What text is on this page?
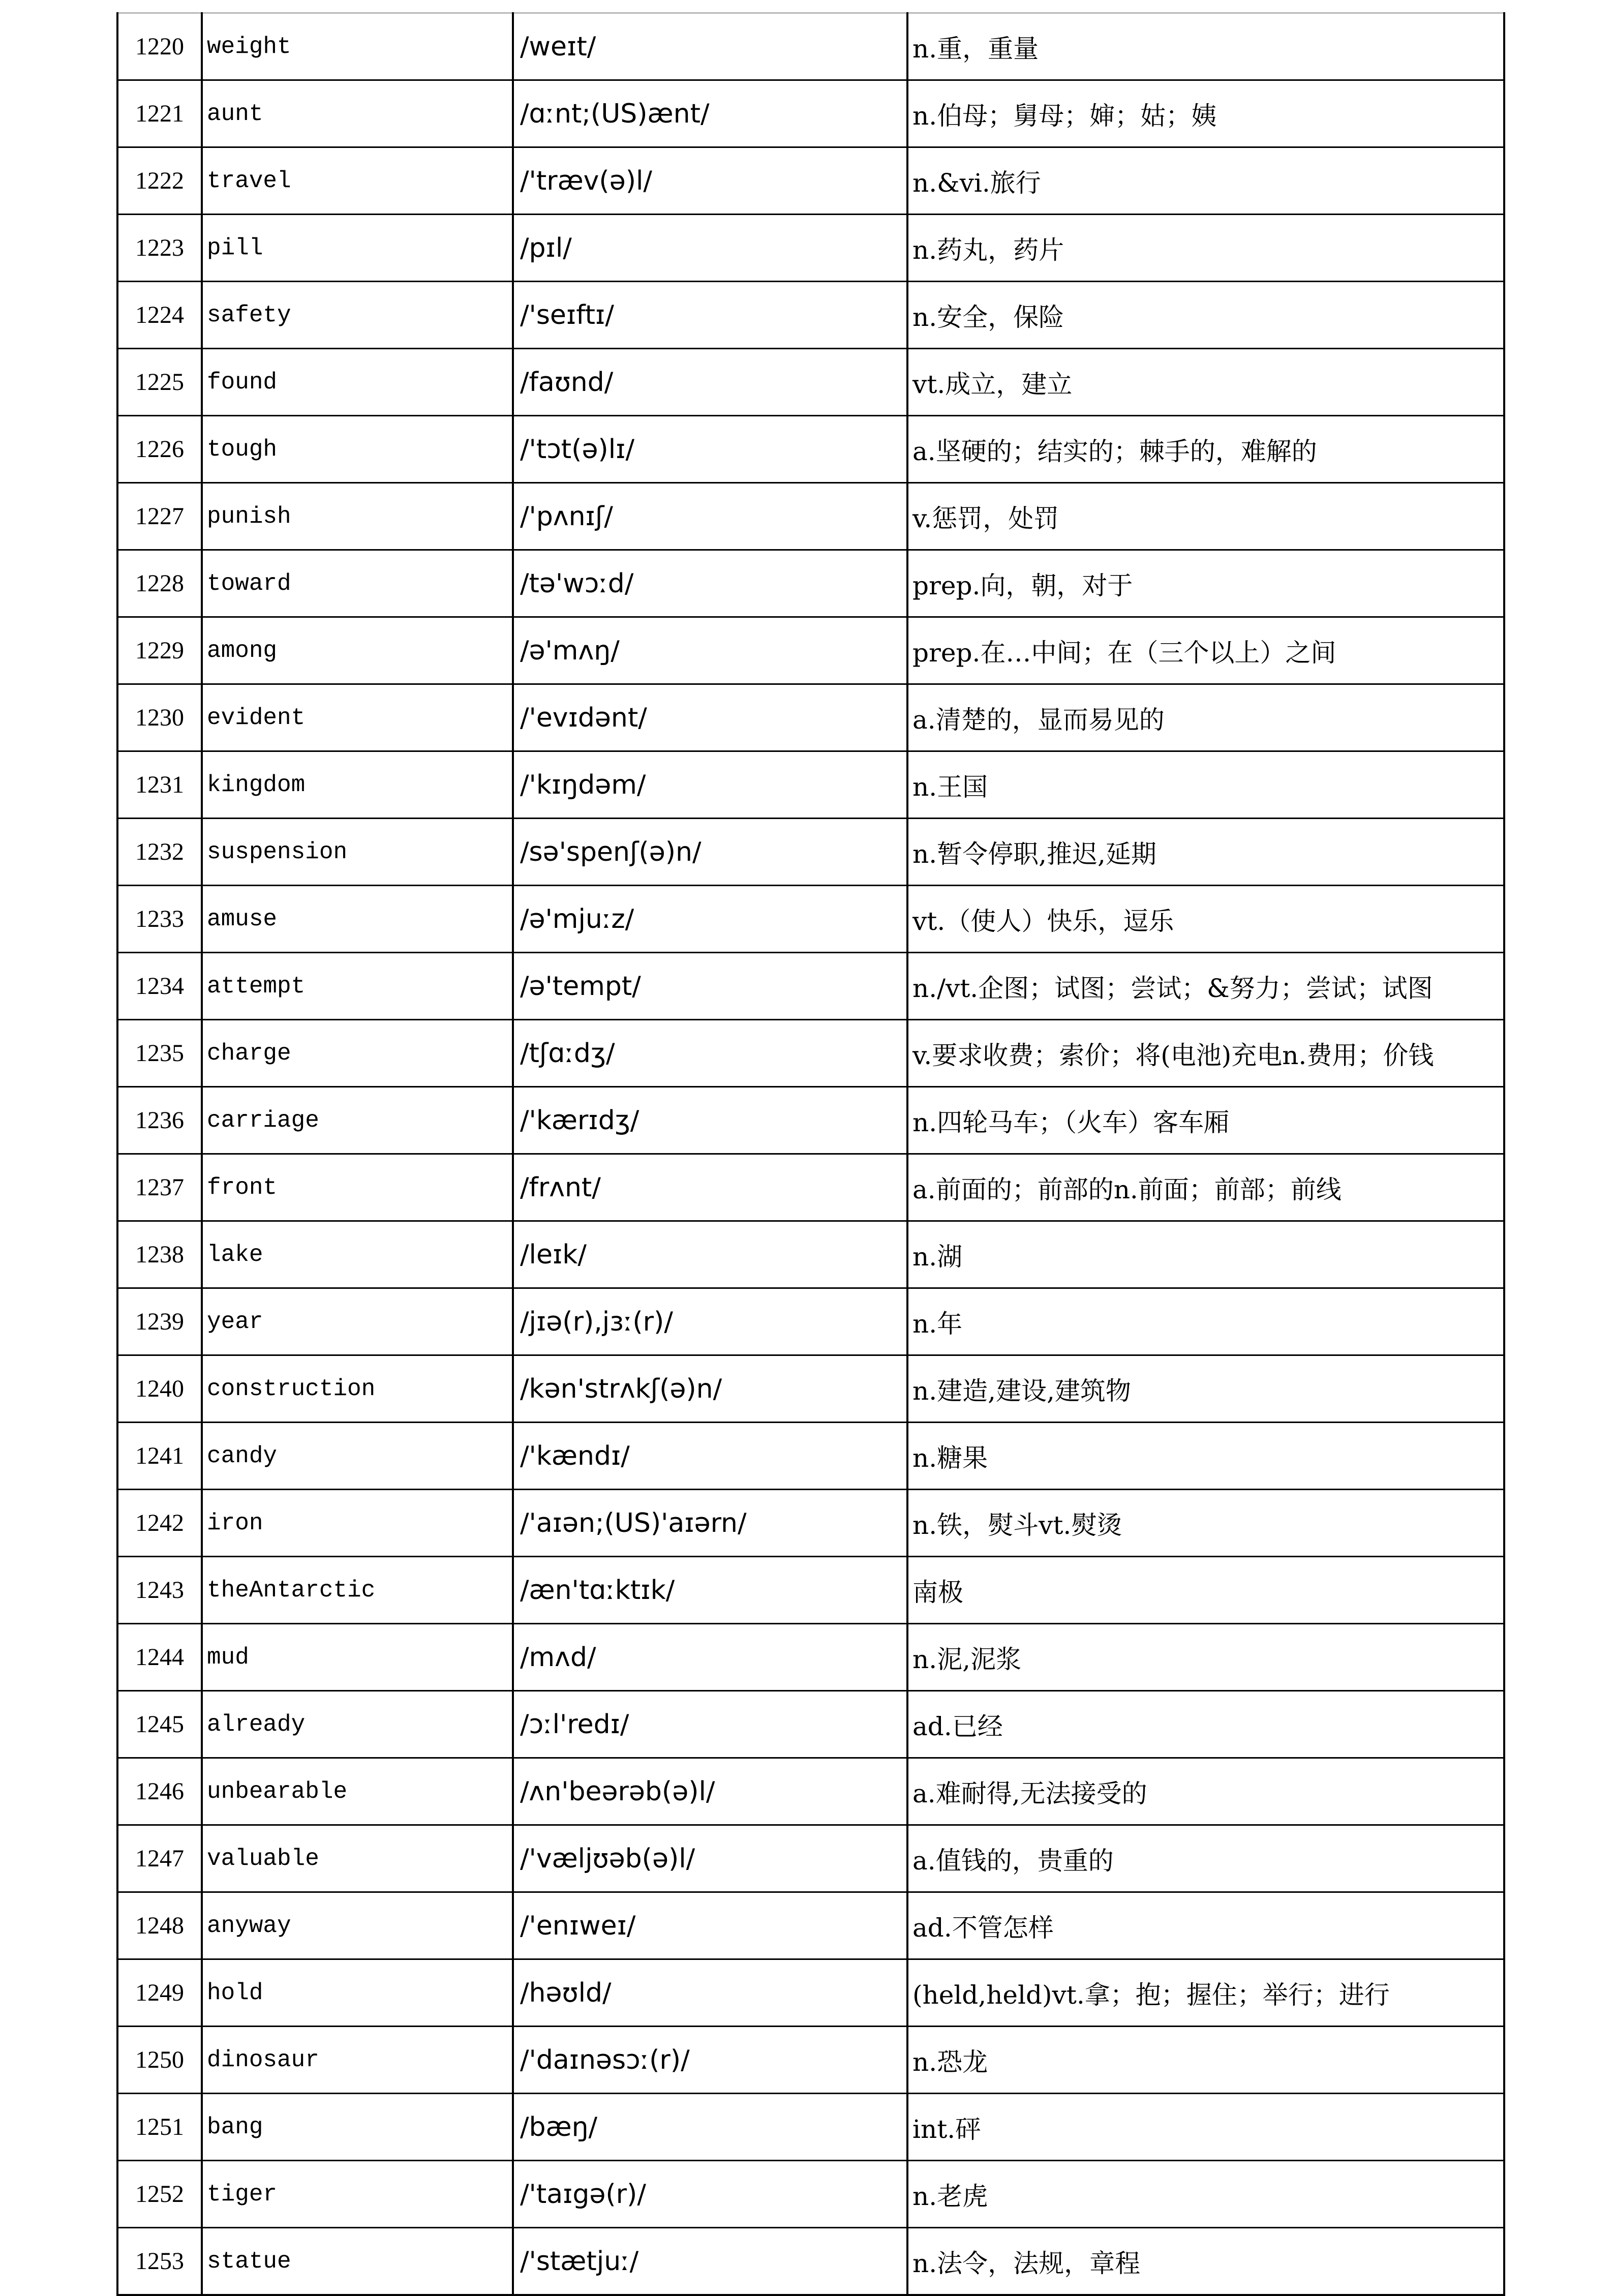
1220	weight	/weɪt/	n.重，重量
1221	aunt	/ɑːnt;(US)ænt/	n.伯母；舅母；婶；姑；姨
1222	travel	/'træv(ə)l/	n.&vi.旅行
1223	pill	/pɪl/	n.药丸，药片
1224	safety	/'seɪftɪ/	n.安全，保险
1225	found	/faʊnd/	vt.成立，建立
1226	tough	/'tɔt(ə)lɪ/	a.坚硬的；结实的；棘手的，难解的
1227	punish	/'pʌnɪʃ/	v.惩罚，处罚
1228	toward	/tə'wɔːd/	prep.向，朝，对于
1229	among	/ə'mʌŋ/	prep.在…中间；在（三个以上）之间
1230	evident	/'evɪdənt/	a.清楚的，显而易见的
1231	kingdom	/'kɪŋdəm/	n.王国
1232	suspension	/sə'spenʃ(ə)n/	n.暂令停职,推迟,延期
1233	amuse	/ə'mjuːz/	vt.（使人）快乐，逗乐
1234	attempt	/ə'tempt/	n./vt.企图；试图；尝试；&努力；尝试；试图
1235	charge	/tʃɑːdʒ/	v.要求收费；索价；将(电池)充电n.费用；价钱
1236	carriage	/'kærɪdʒ/	n.四轮马车；（火车）客车厢
1237	front	/frʌnt/	a.前面的；前部的n.前面；前部；前线
1238	lake	/leɪk/	n.湖
1239	year	/jɪə(r),jɜː(r)/	n.年
1240	construction	/kən'strʌkʃ(ə)n/	n.建造,建设,建筑物
1241	candy	/'kændɪ/	n.糖果
1242	iron	/'aɪən;(US)'aɪərn/	n.铁，熨斗vt.熨烫
1243	theAntarctic	/æn'tɑːktɪk/	南极
1244	mud	/mʌd/	n.泥,泥浆
1245	already	/ɔːl'redɪ/	ad.已经
1246	unbearable	/ʌn'beərəb(ə)l/	a.难耐得,无法接受的
1247	valuable	/'væljʊəb(ə)l/	a.值钱的，贵重的
1248	anyway	/'enɪweɪ/	ad.不管怎样
1249	hold	/həʊld/	(held,held)vt.拿；抱；握住；举行；进行
1250	dinosaur	/'daɪnəsɔː(r)/	n.恐龙
1251	bang	/bæŋ/	int.砰
1252	tiger	/'taɪgə(r)/	n.老虎
1253	statue	/'stætjuː/	n.法令，法规，章程
